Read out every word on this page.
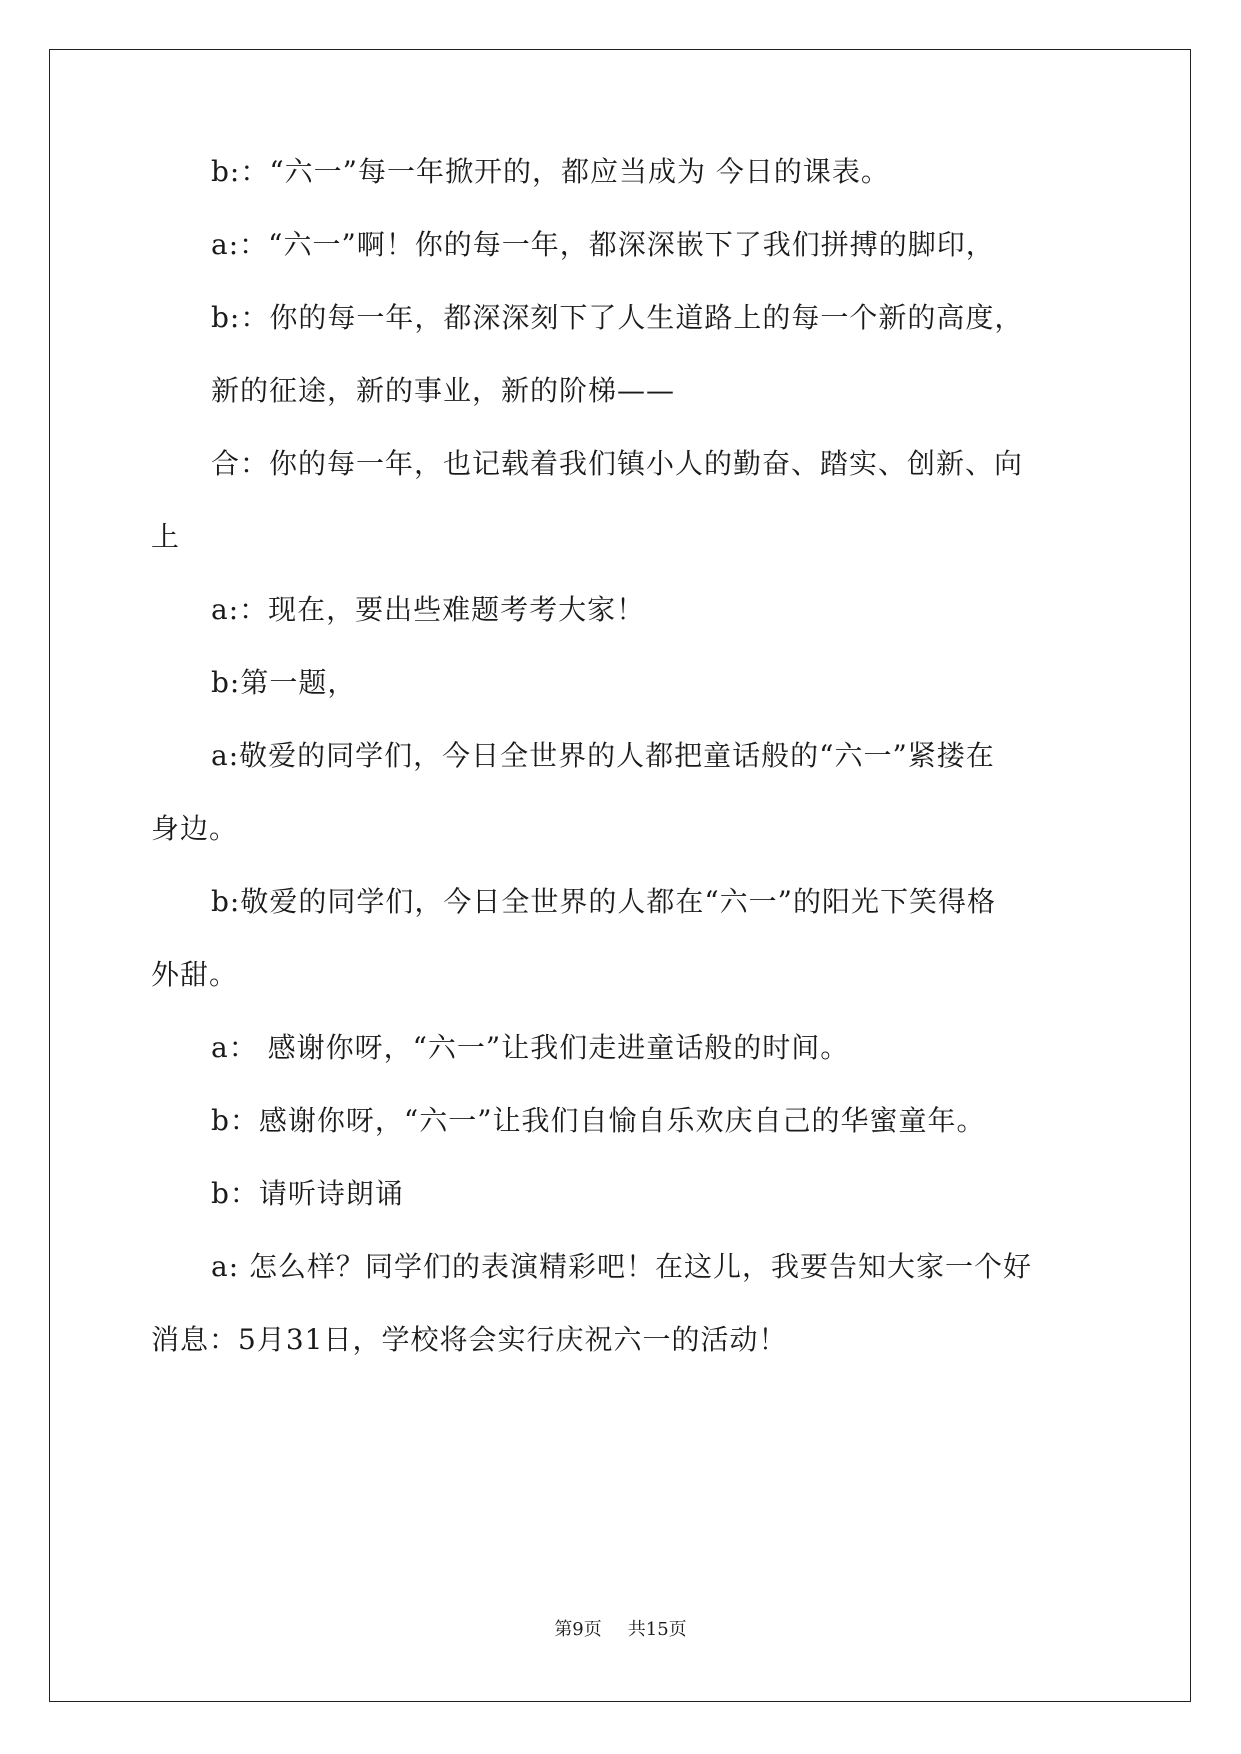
b:：“六一”每一年掀开的，都应当成为 今日的课表。
a:：“六一”啊！你的每一年，都深深嵌下了我们拼搏的脚印，
b:：你的每一年，都深深刻下了人生道路上的每一个新的高度，
新的征途，新的事业，新的阶梯——
合：你的每一年，也记载着我们镇小人的勤奋、踏实、创新、向
上
a:：现在，要出些难题考考大家！
b:第一题，
a:敬爱的同学们，今日全世界的人都把童话般的“六一”紧搂在
身边。
b:敬爱的同学们，今日全世界的人都在“六一”的阳光下笑得格
外甜。
a： 感谢你呀，“六一”让我们走进童话般的时间。
b：感谢你呀，“六一”让我们自愉自乐欢庆自己的华蜜童年。
b：请听诗朗诵
a: 怎么样？同学们的表演精彩吧！在这儿，我要告知大家一个好
消息：5月31日，学校将会实行庆祝六一的活动！
第9页 共15页
